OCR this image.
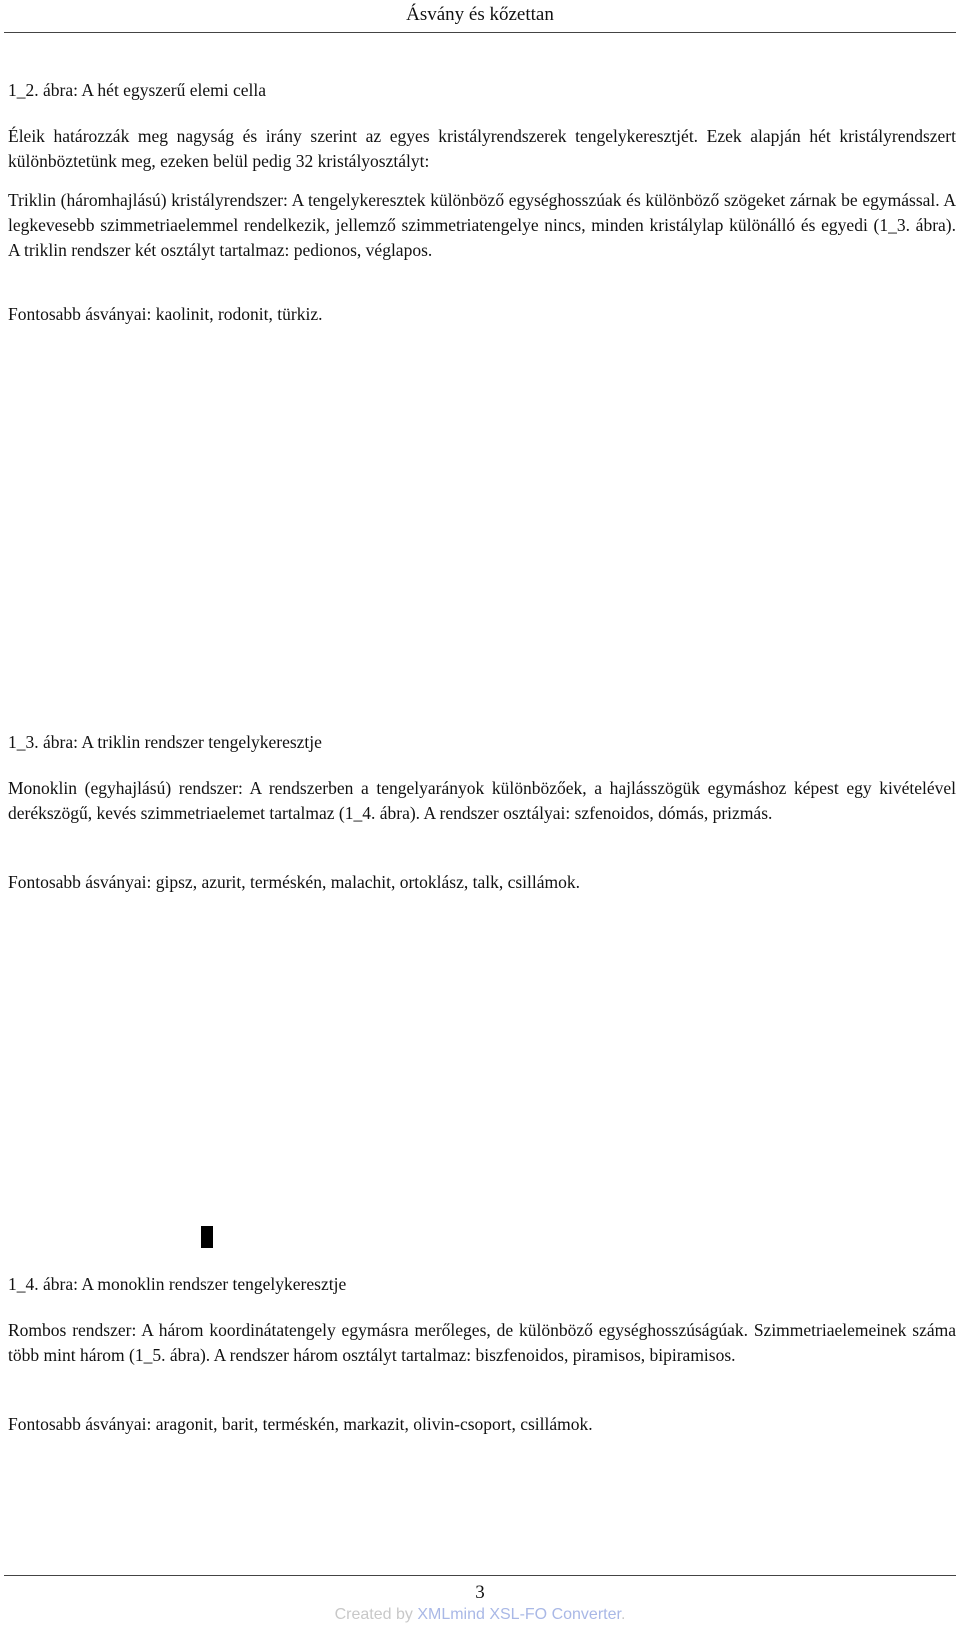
Ásvány és kőzettan
1_2. ábra: A hét egyszerű elemi cella

Éleik határozzák meg nagyság és irány szerint az egyes kristályrendszerek tengelykeresztjét. Ezek alapján hét kristályrendszert különböztetünk meg, ezeken belül pedig 32 kristályosztályt:

Triklin (háromhajlású) kristályrendszer: A tengelykeresztek különböző egységhosszúak és különböző szögeket zárnak be egymással. A legkevesebb szimmetriaelemmel rendelkezik, jellemző szimmetriatengelye nincs, minden kristálylap különálló és egyedi (1_3. ábra). A triklin rendszer két osztályt tartalmaz: pedionos, véglapos.

Fontosabb ásványai: kaolinit, rodonit, türkiz.

1_3. ábra: A triklin rendszer tengelykeresztje

Monoklin (egyhajlású) rendszer: A rendszerben a tengelyarányok különbözőek, a hajlásszögük egymáshoz képest egy kivételével derékszögű, kevés szimmetriaelemet tartalmaz (1_4. ábra). A rendszer osztályai: szfenoidos, dómás, prizmás.

Fontosabb ásványai: gipsz, azurit, terméskén, malachit, ortoklász, talk, csillámok.

1_4. ábra: A monoklin rendszer tengelykeresztje

Rombos rendszer: A három koordinátatengely egymásra merőleges, de különböző egységhosszúságúak. Szimmetriaelemeinek száma több mint három (1_5. ábra). A rendszer három osztályt tartalmaz: biszfenoidos, piramisos, bipiramisos.

Fontosabb ásványai: aragonit, barit, terméskén, markazit, olivin-csoport, csillámok.

3
Created by XMLmind XSL-FO Converter.
